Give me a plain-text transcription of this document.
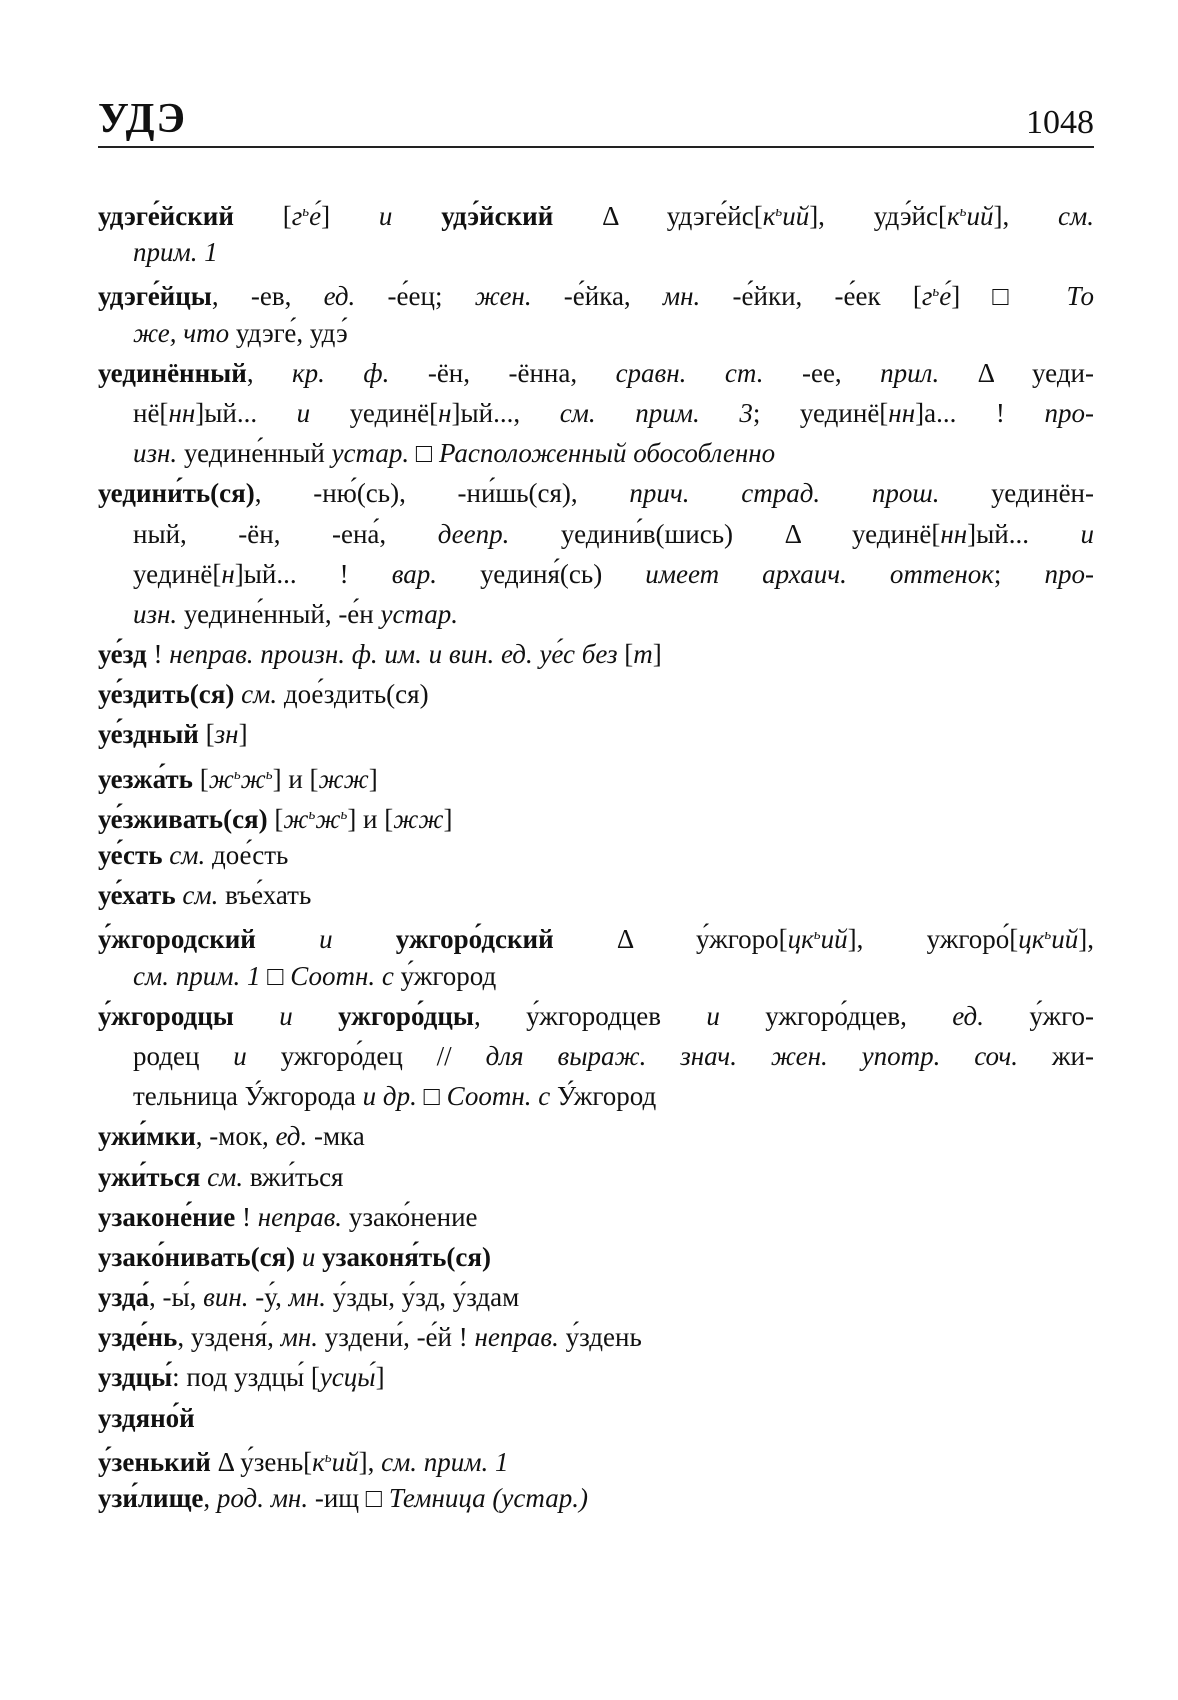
УДЭ	1048
удэге́йский $[г^ье́]$ и удэ́йский Δ $удэге́йс[к^ьий]$, $удэ́йс[к^ьий]$, см.
прим. 1
удэге́йцы, -ев, ед. -е́ец; жен. -е́йка, мн. -е́йки, -е́ек $[г^ье́]$ □ То
же, что удэге́, удэ́
уединённый, кр. ф. -ён, -ённа, сравн. ст. -ее, прил. Δ уеди-
нё[нн]ый... и уединё[н]ый..., см. прим. 3; уединё[нн]а... ! про-
изн. уедине́нный устар. □ Расположенный обособленно
уедини́ть(ся), -ню́(сь), -ни́шь(ся), прич. страд. прош. уединён-
ный, -ён, -ена́, деепр. уедини́в(шись) Δ уединё[нн]ый... и
уединё[н]ый... ! вар. уединя́(сь) имеет архаич. оттенок; про-
изн. уедине́нный, -е́н устар.
уе́зд ! неправ. произн. ф. им. и вин. ед. уе́с без [т]
уе́здить(ся) см. дое́здить(ся)
уе́здный [зн]
уезжа́ть $[ж^ьж^ь]$ и [жж]
уе́зживать(ся) $[ж^ьж^ь]$ и [жж]
уе́сть см. дое́сть
уе́хать см. въе́хать
у́жгородский и ужгоро́дский Δ $у́жгоро[цк^ьий]$, $ужгоро́[цк^ьий]$,
см. прим. 1 □ Соотн. с у́жгород
у́жгородцы и ужгоро́дцы, у́жгородцев и ужгоро́дцев, ед. у́жго-
родец и ужгоро́дец // для выраж. знач. жен. употр. соч. жи-
тельница У́жгорода и др. □ Соотн. с У́жгород
ужи́мки, -мок, ед. -мка
ужи́ться см. вжи́ться
узаконе́ние ! неправ. узако́нение
узако́нивать(ся) и узаконя́ть(ся)
узда́, -ы́, вин. -у́, мн. у́зды, у́зд, у́здам
узде́нь, узденя́, мн. уздени́, -е́й ! неправ. у́здень
уздцы́: под уздцы́ [усцы́]
уздяно́й
у́зенький Δ $у́зень[к^ьий]$, см. прим. 1
узи́лище, род. мн. -ищ □ Темница (устар.)
